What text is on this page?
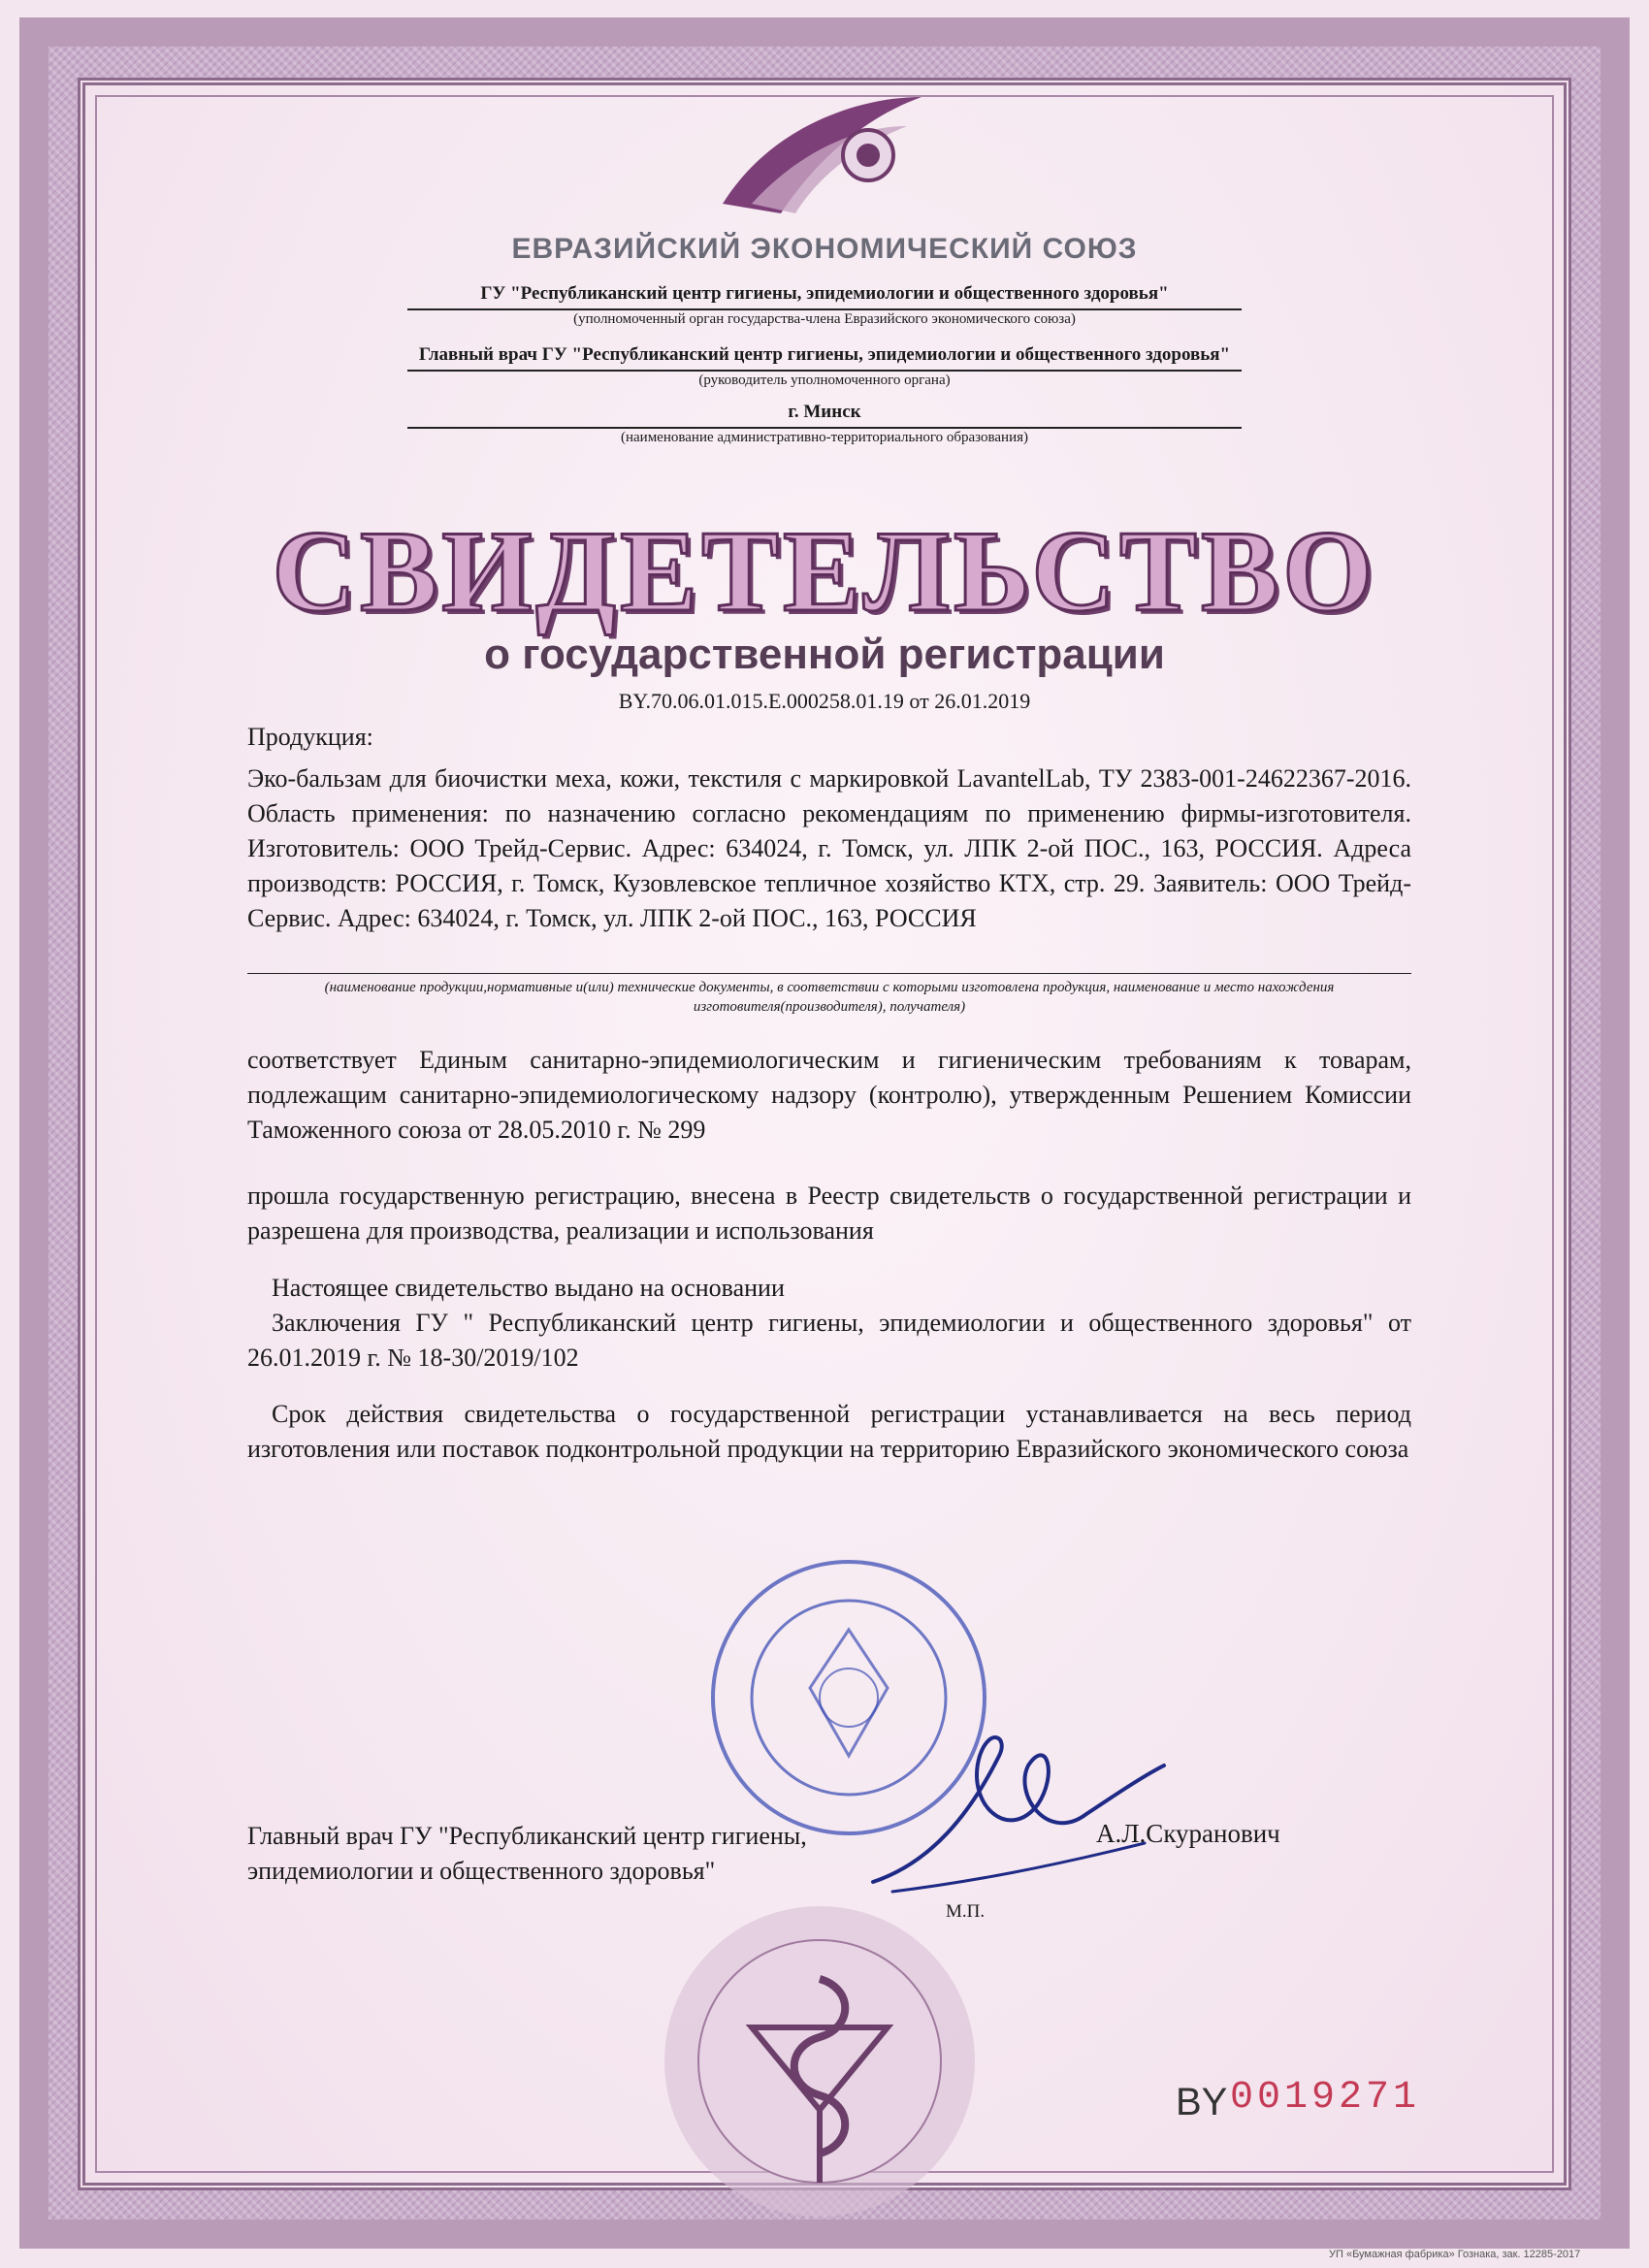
ЕВРАЗИЙСКИЙ ЭКОНОМИЧЕСКИЙ СОЮЗ
ГУ "Республиканский центр гигиены, эпидемиологии и общественного здоровья"
(уполномоченный орган государства-члена Евразийского экономического союза)
Главный врач ГУ "Республиканский центр гигиены, эпидемиологии и общественного здоровья"
(руководитель уполномоченного органа)
г. Минск
(наименование административно-территориального образования)
СВИДЕТЕЛЬСТВО
о государственной регистрации
BY.70.06.01.015.E.000258.01.19 от 26.01.2019
Продукция:
Эко-бальзам для биочистки меха, кожи, текстиля с маркировкой LavantelLab, ТУ 2383-001-24622367-2016. Область применения: по назначению согласно рекомендациям по применению фирмы-изготовителя. Изготовитель: ООО Трейд-Сервис. Адрес: 634024, г. Томск, ул. ЛПК 2-ой ПОС., 163, РОССИЯ. Адреса производств: РОССИЯ, г. Томск, Кузовлевское тепличное хозяйство КТХ, стр. 29. Заявитель: ООО Трейд-Сервис. Адрес: 634024, г. Томск, ул. ЛПК 2-ой ПОС., 163, РОССИЯ
(наименование продукции,нормативные и(или) технические документы, в соответствии с которыми изготовлена продукция, наименование и место нахождения изготовителя(производителя), получателя)
соответствует Единым санитарно-эпидемиологическим и гигиеническим требованиям к товарам, подлежащим санитарно-эпидемиологическому надзору (контролю), утвержденным Решением Комиссии Таможенного союза от 28.05.2010 г. № 299
прошла государственную регистрацию, внесена в Реестр свидетельств о государственной регистрации и разрешена для производства, реализации и использования
Настоящее свидетельство выдано на основании
Заключения ГУ " Республиканский центр гигиены, эпидемиологии и общественного здоровья" от 26.01.2019 г. № 18-30/2019/102
Срок действия свидетельства о государственной регистрации устанавливается на весь период изготовления или поставок подконтрольной продукции на территорию Евразийского экономического союза
Главный врач ГУ "Республиканский центр гигиены, эпидемиологии и общественного здоровья"
А.Л.Скуранович
М.П.
BY 0019271
УП «Бумажная фабрика» Гознака, зак. 12285-2017
